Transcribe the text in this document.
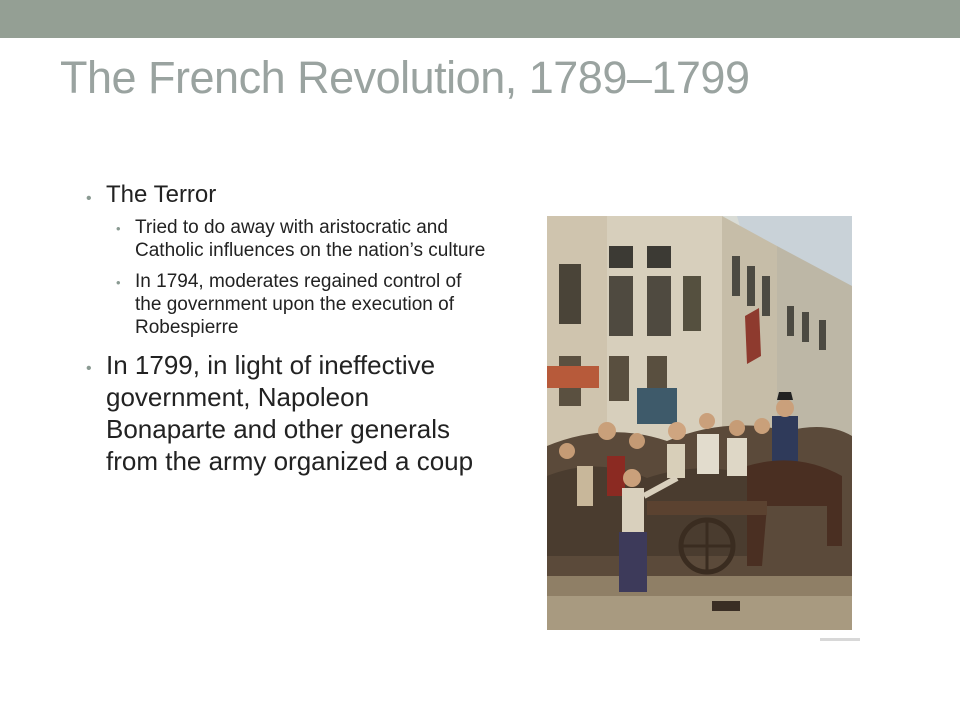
The French Revolution, 1789–1799
• The Terror
• Tried to do away with aristocratic and Catholic influences on the nation’s culture
• In 1794, moderates regained control of the government upon the execution of Robespierre
• In 1799, in light of ineffective government, Napoleon Bonaparte and other generals from the army organized a coup
